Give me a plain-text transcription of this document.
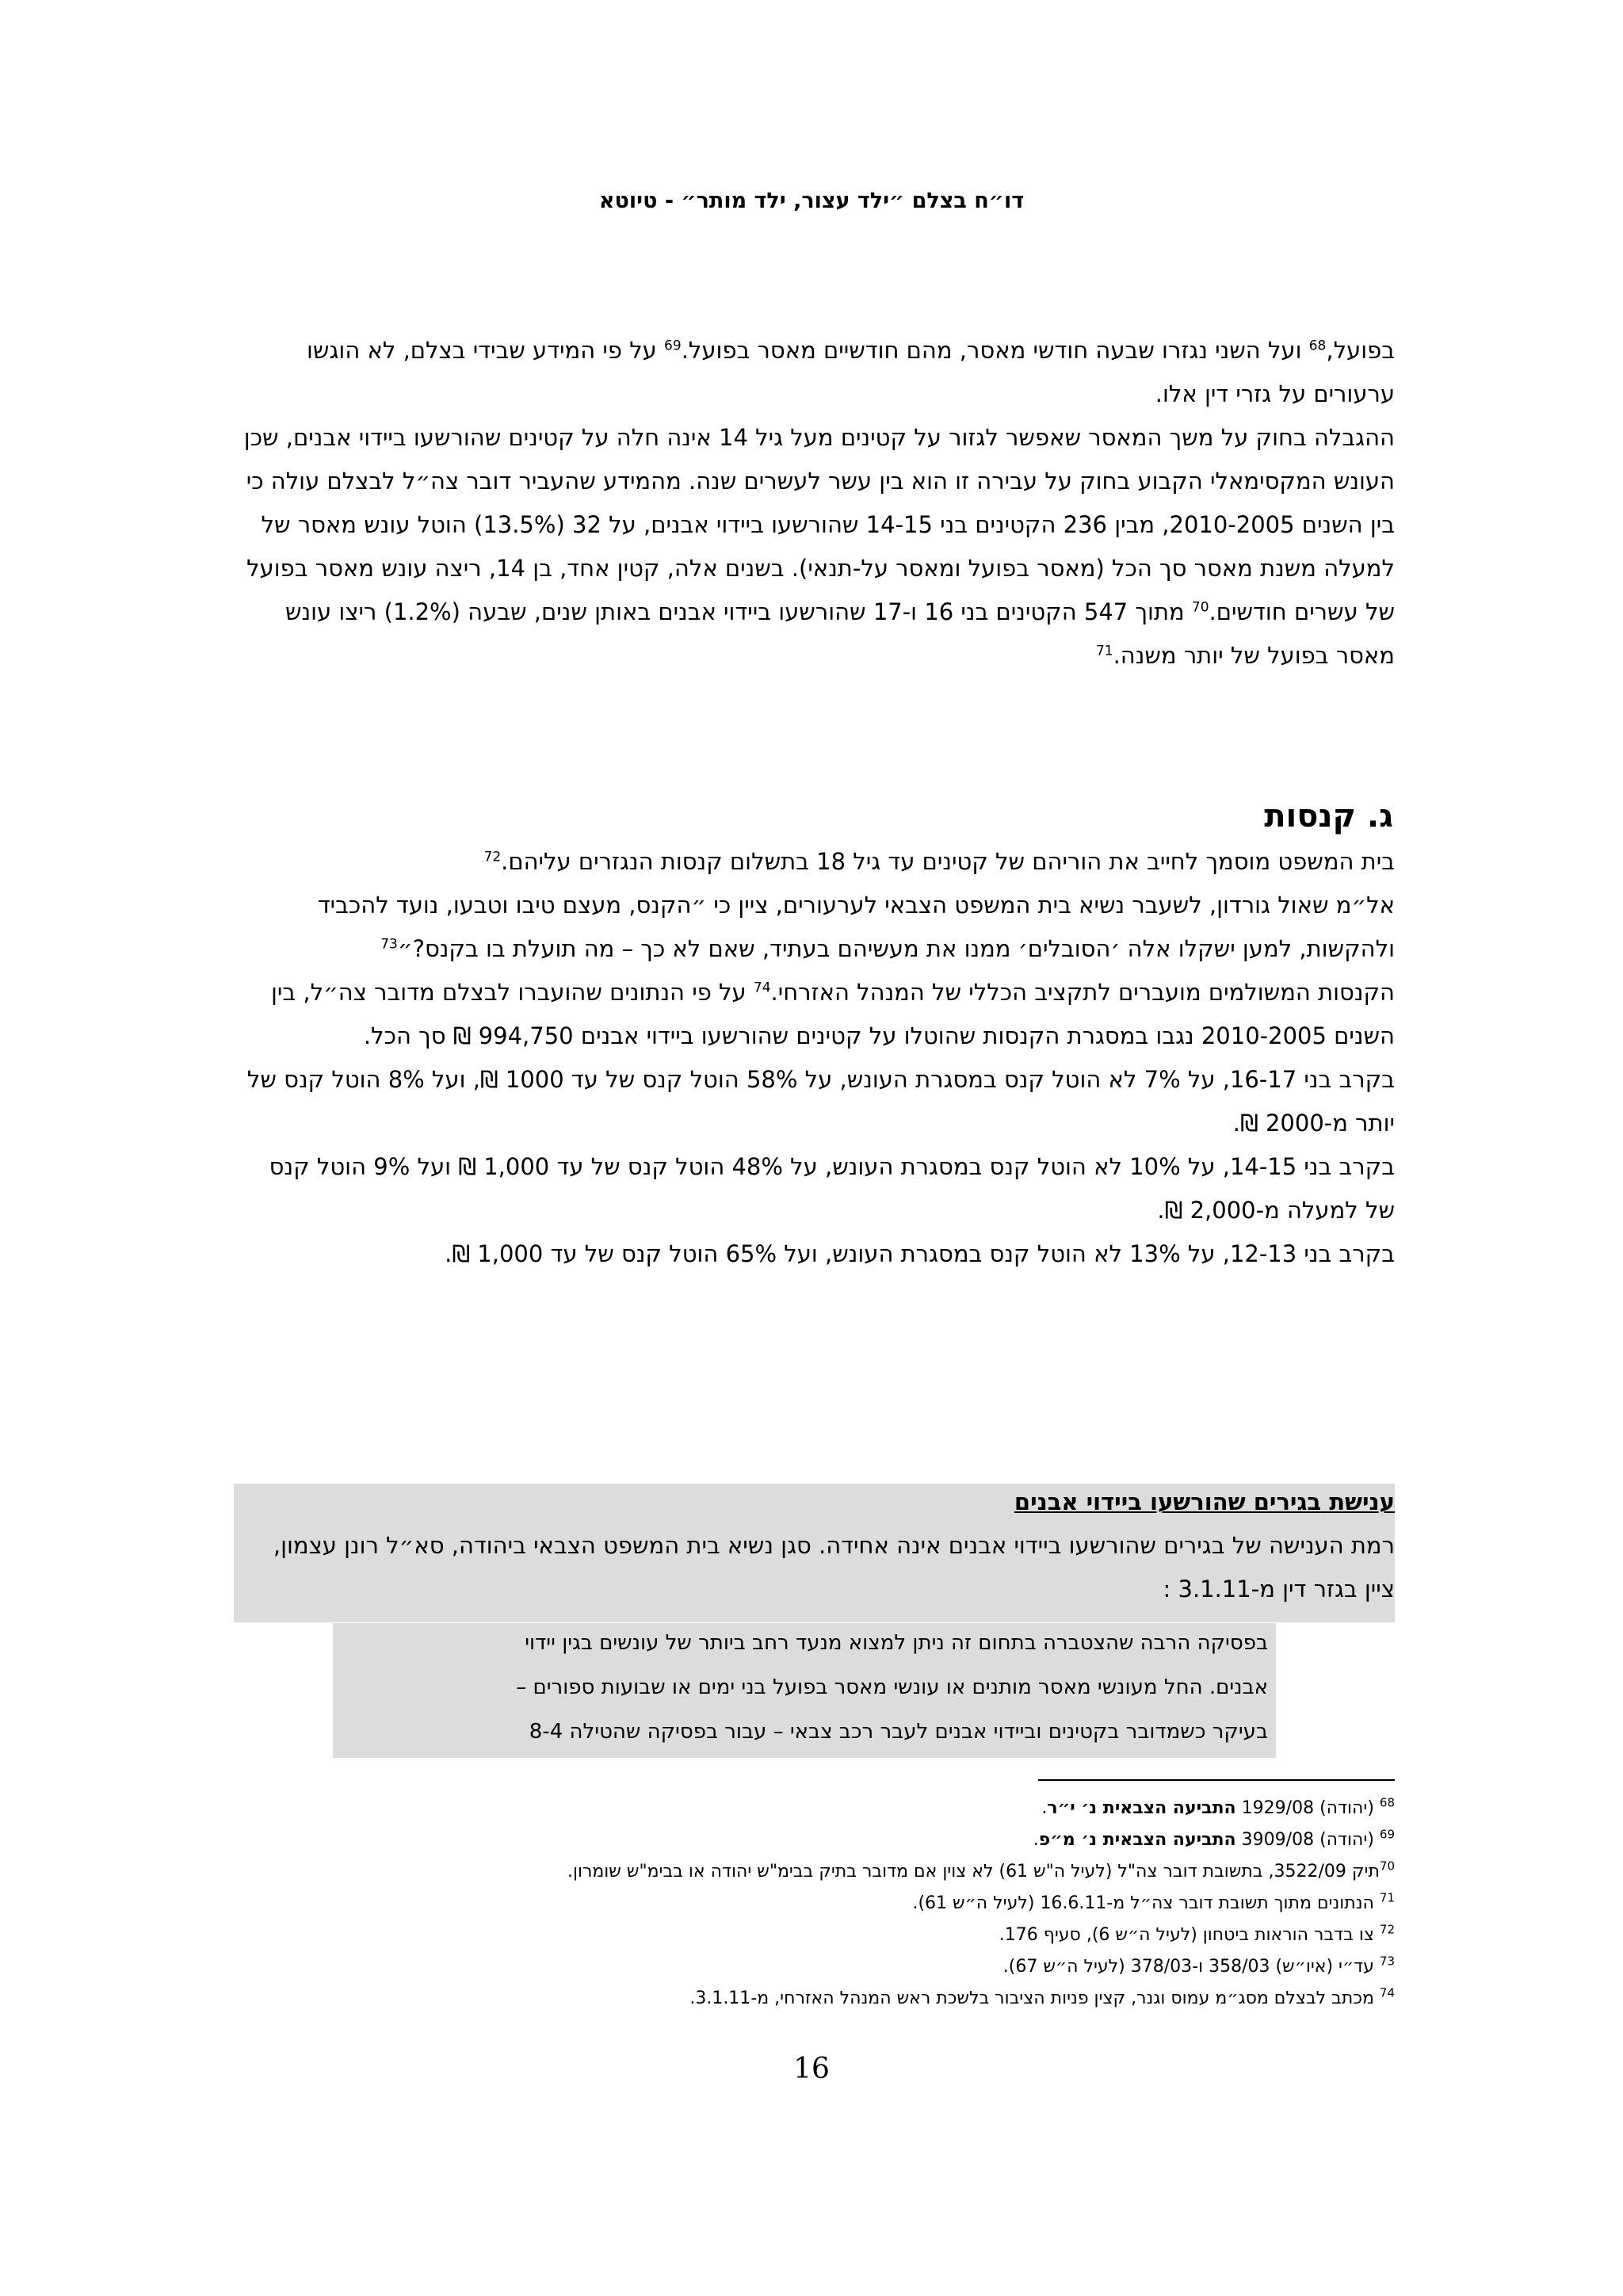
דו״ח בצלם ״ילד עצור, ילד מותר״ - טיוטא

בפועל,$^{68}$ ועל השני נגזרו שבעה חודשי מאסר, מהם חודשיים מאסר בפועל.$^{69}$ על פי המידע שבידי בצלם, לא הוגשו ערעורים על גזרי דין אלו.

ההגבלה בחוק על משך המאסר שאפשר לגזור על קטינים מעל גיל 14 אינה חלה על קטינים שהורשעו ביידוי אבנים, שכן העונש המקסימאלי הקבוע בחוק על עבירה זו הוא בין עשר לעשרים שנה. מהמידע שהעביר דובר צה״ל לבצלם עולה כי בין השנים 2010-2005, מבין 236 הקטינים בני 14-15 שהורשעו ביידוי אבנים, על 32 (13.5%) הוטל עונש מאסר של למעלה משנת מאסר סך הכל (מאסר בפועל ומאסר על-תנאי). בשנים אלה, קטין אחד, בן 14, ריצה עונש מאסר בפועל של עשרים חודשים.$^{70}$ מתוך 547 הקטינים בני 16 ו-17 שהורשעו ביידוי אבנים באותן שנים, שבעה (1.2%) ריצו עונש מאסר בפועל של יותר משנה.$^{71}$

ג. קנסות

בית המשפט מוסמך לחייב את הוריהם של קטינים עד גיל 18 בתשלום קנסות הנגזרים עליהם.$^{72}$

אל״מ שאול גורדון, לשעבר נשיא בית המשפט הצבאי לערעורים, ציין כי ״הקנס, מעצם טיבו וטבעו, נועד להכביד ולהקשות, למען ישקלו אלה ׳הסובלים׳ ממנו את מעשיהם בעתיד, שאם לא כך – מה תועלת בו בקנס?״$^{73}$

הקנסות המשולמים מועברים לתקציב הכללי של המנהל האזרחי.$^{74}$ על פי הנתונים שהועברו לבצלם מדובר צה״ל, בין השנים 2010-2005 נגבו במסגרת הקנסות שהוטלו על קטינים שהורשעו ביידוי אבנים 994,750 ₪ סך הכל.

בקרב בני 16-17, על 7% לא הוטל קנס במסגרת העונש, על 58% הוטל קנס של עד 1000 ₪, ועל 8% הוטל קנס של יותר מ-2000 ₪.

בקרב בני 14-15, על 10% לא הוטל קנס במסגרת העונש, על 48% הוטל קנס של עד 1,000 ₪ ועל 9% הוטל קנס של למעלה מ-2,000 ₪.

בקרב בני 12-13, על 13% לא הוטל קנס במסגרת העונש, ועל 65% הוטל קנס של עד 1,000 ₪.

ענישת בגירים שהורשעו ביידוי אבנים

רמת הענישה של בגירים שהורשעו ביידוי אבנים אינה אחידה. סגן נשיא בית המשפט הצבאי ביהודה, סא״ל רונן עצמון, ציין בגזר דין מ-3.1.11 :

בפסיקה הרבה שהצטברה בתחום זה ניתן למצוא מנעד רחב ביותר של עונשים בגין יידוי

אבנים. החל מעונשי מאסר מותנים או עונשי מאסר בפועל בני ימים או שבועות ספורים –

בעיקר כשמדובר בקטינים וביידוי אבנים לעבר רכב צבאי – עבור בפסיקה שהטילה 8-4

$^{68}$ (יהודה) 1929/08 התביעה הצבאית נ׳ י״ר.

$^{69}$ (יהודה) 3909/08 התביעה הצבאית נ׳ מ״פ.

$^{70}$תיק 3522/09, בתשובת דובר צה"ל (לעיל ה"ש 61) לא צוין אם מדובר בתיק בבימ"ש יהודה או בבימ"ש שומרון.

$^{71}$ הנתונים מתוך תשובת דובר צה״ל מ-16.6.11 (לעיל ה״ש 61).

$^{72}$ צו בדבר הוראות ביטחון (לעיל ה״ש 6), סעיף 176.

$^{73}$ עד״י (איו״ש) 358/03 ו-378/03 (לעיל ה״ש 67).

$^{74}$ מכתב לבצלם מסג״מ עמוס וגנר, קצין פניות הציבור בלשכת ראש המנהל האזרחי, מ-3.1.11.

16
